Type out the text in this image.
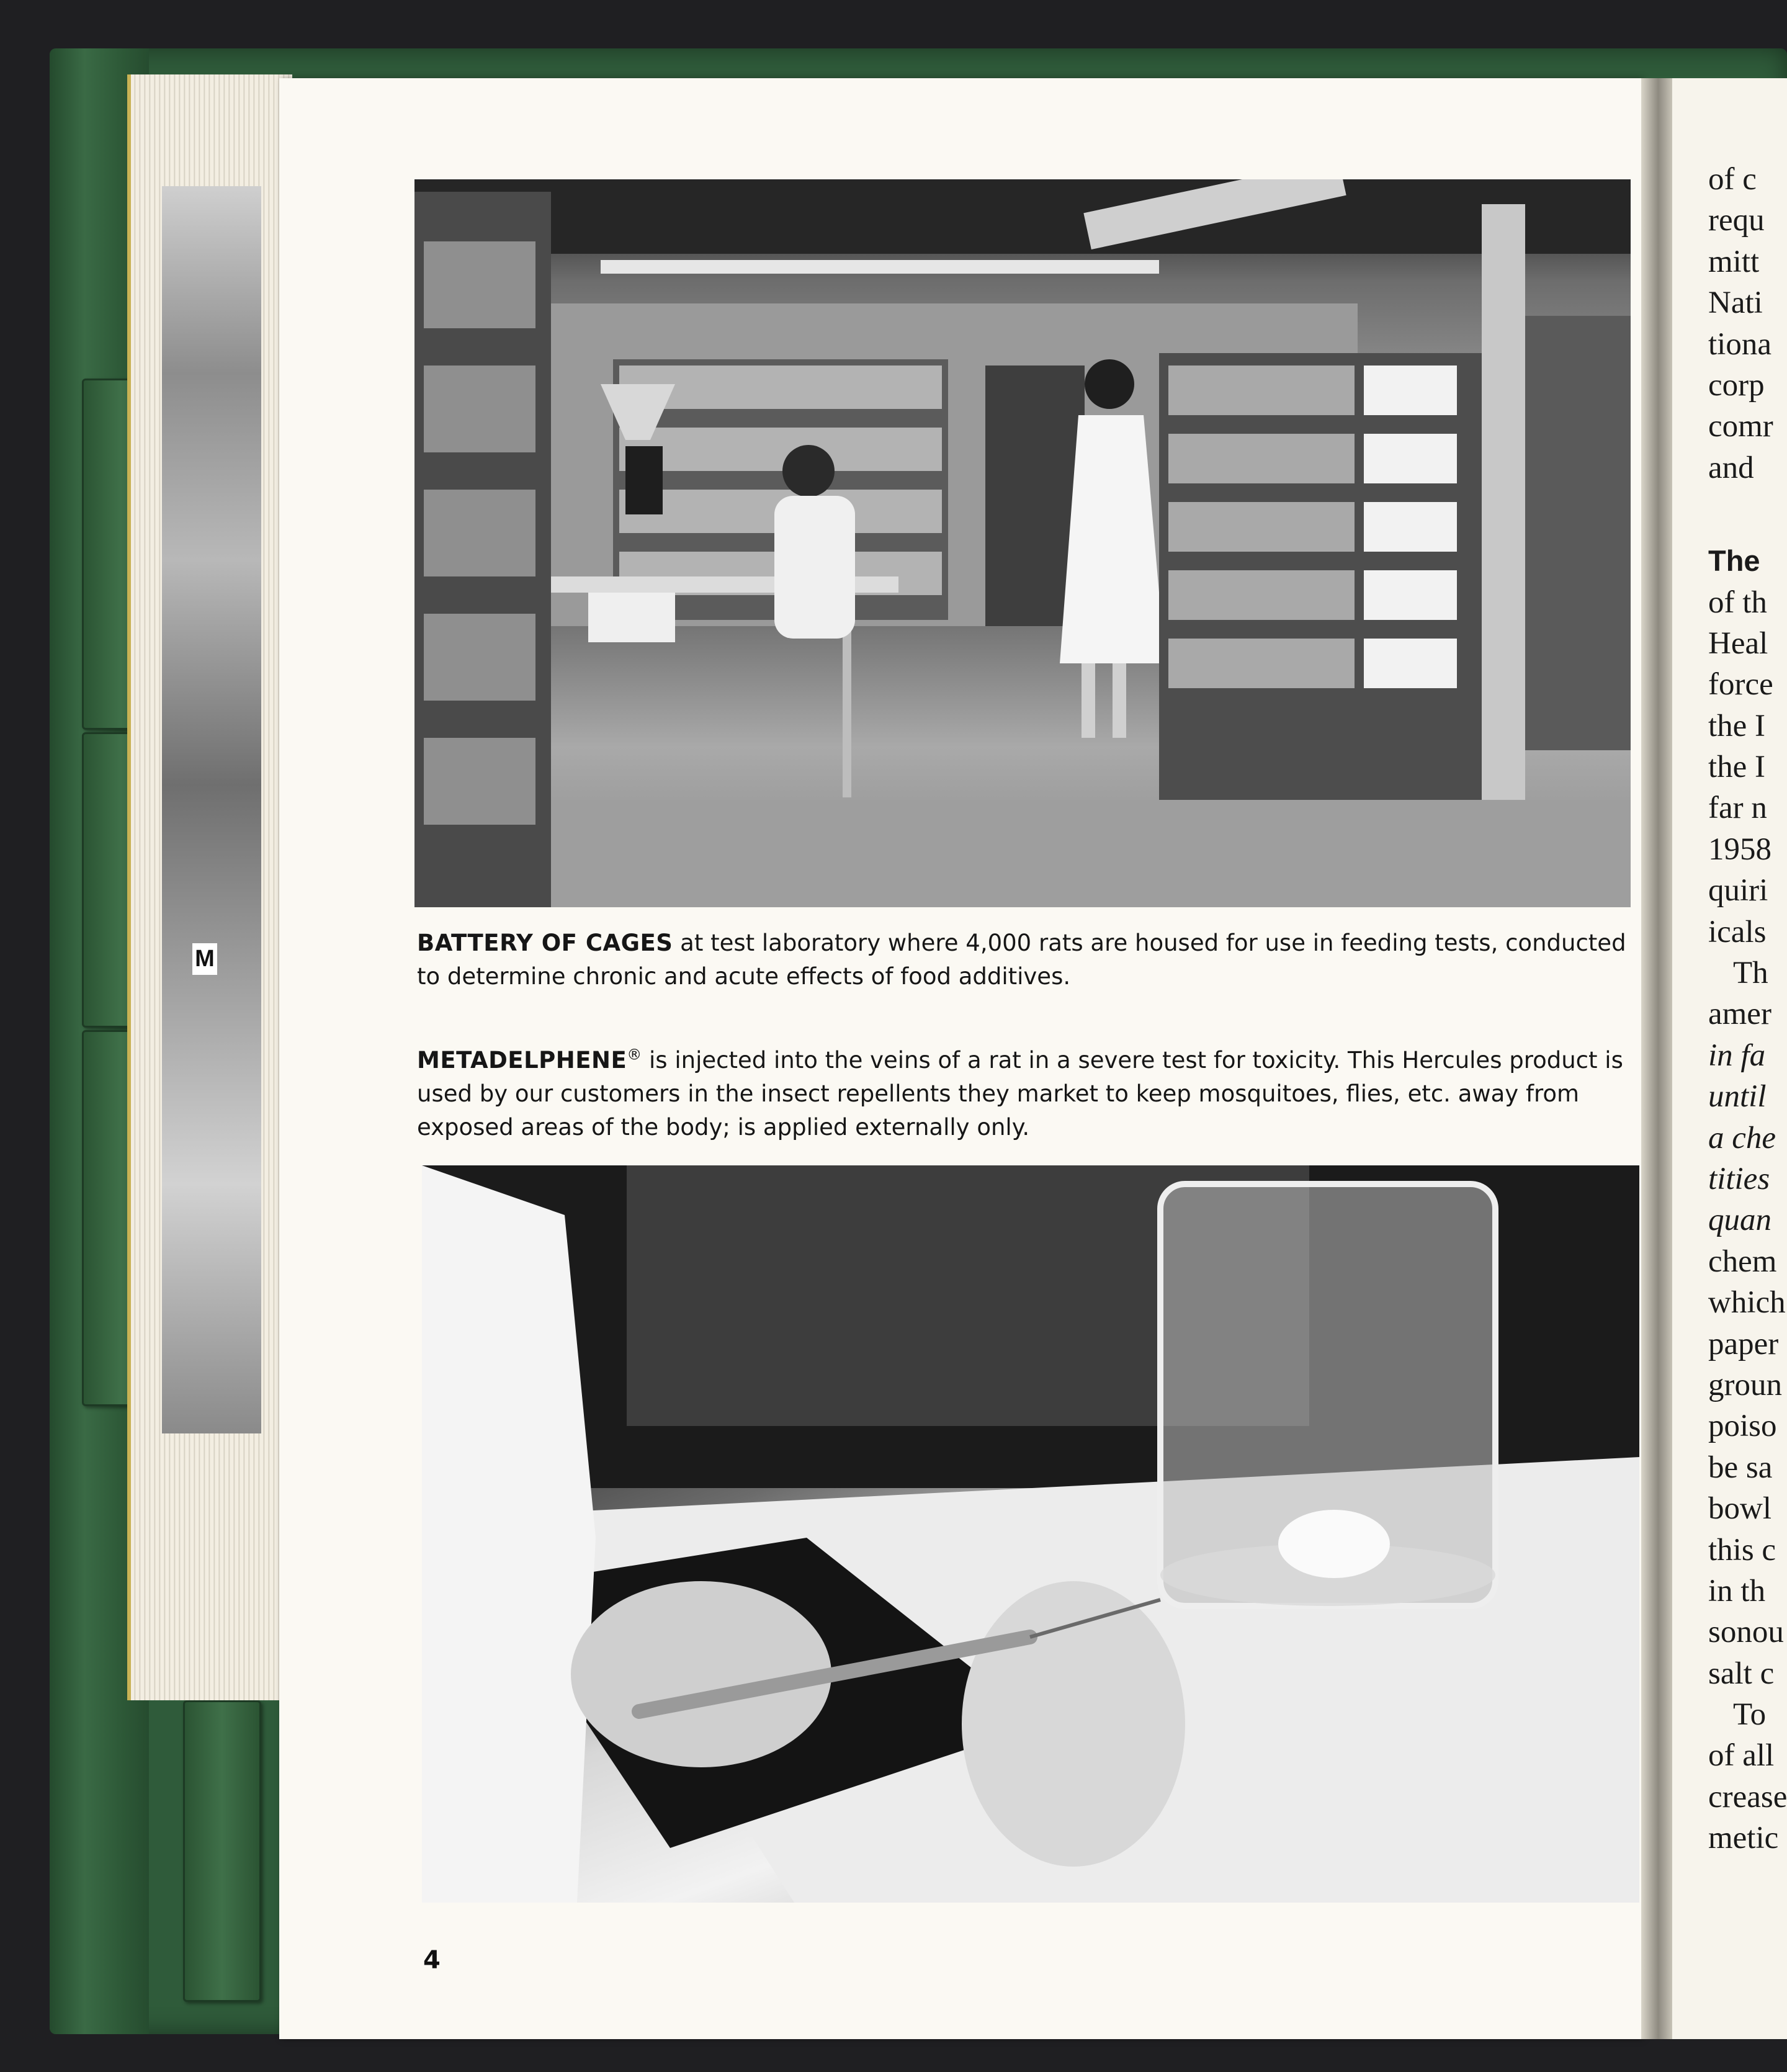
M
BATTERY OF CAGES at test laboratory where 4,000 rats are housed for use in feeding tests, conducted to determine chronic and acute effects of food additives.
METADELPHENE® is injected into the veins of a rat in a severe test for toxicity. This Hercules product is used by our customers in the insect repellents they market to keep mosquitoes, flies, etc. away from exposed areas of the body; is applied externally only.
4
of c
requ
mitt
Nati
tiona
corp
comr
and
The
of th
Heal
force
the I
the I
far n
1958
quiri
icals
Th
amer
in fa
until
a che
tities
quan
chem
which
paper
groun
poiso
be sa
bowl
this c
in th
sonou
salt c
To
of all
crease
metic
